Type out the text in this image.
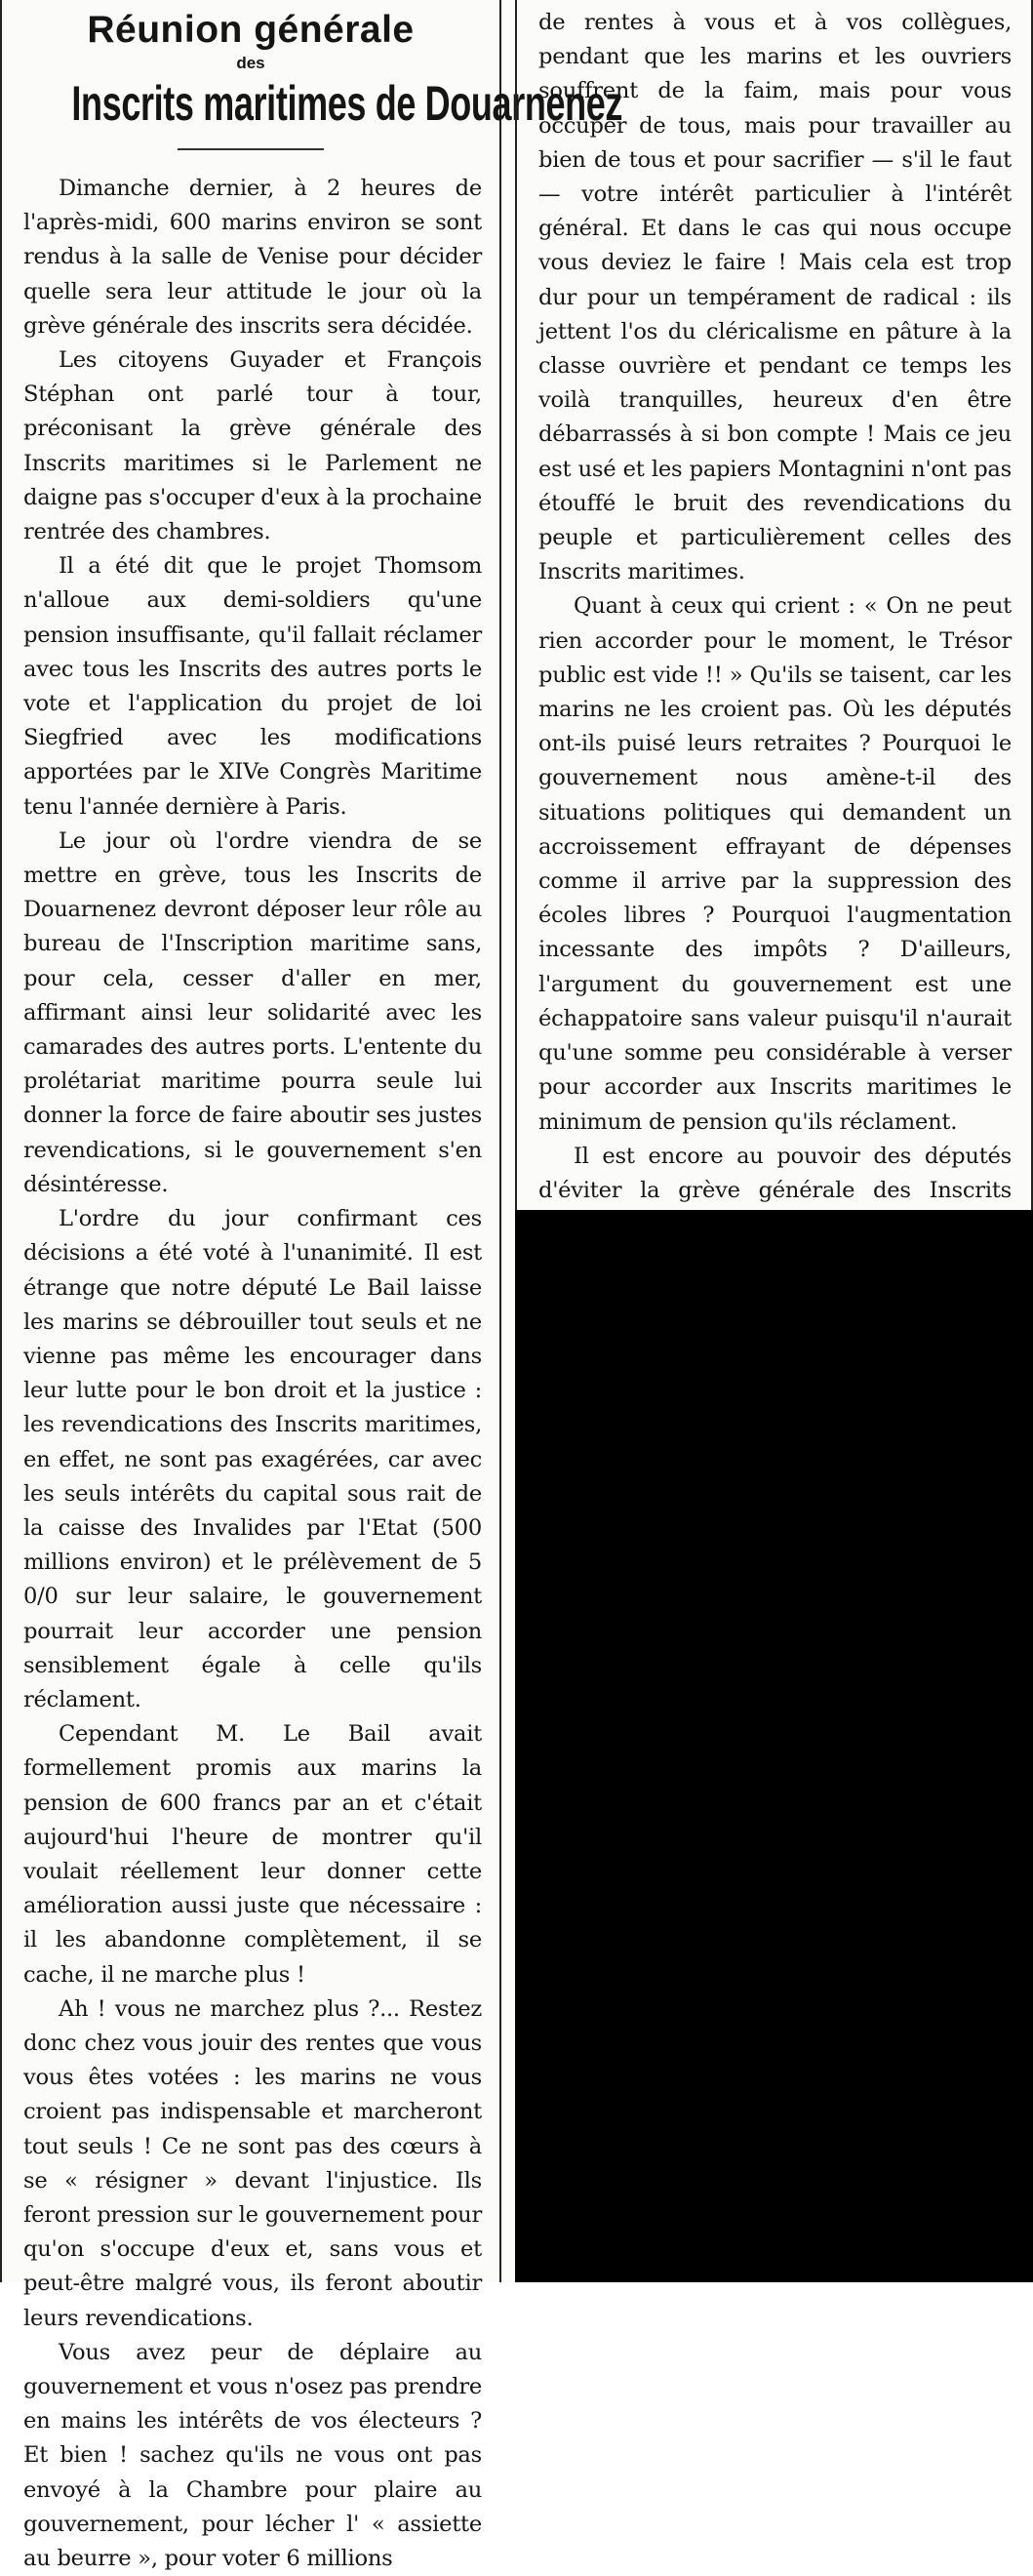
Réunion générale
des
Inscrits maritimes de Douarnenez

Dimanche dernier, à 2 heures de l'après-midi, 600 marins environ se sont rendus à la salle de Venise pour décider quelle sera leur attitude le jour où la grève générale des inscrits sera décidée.

Les citoyens Guyader et François Stéphan ont parlé tour à tour, préconisant la grève générale des Inscrits maritimes si le Parlement ne daigne pas s'occuper d'eux à la prochaine rentrée des chambres.

Il a été dit que le projet Thomsom n'alloue aux demi-soldiers qu'une pension insuffisante, qu'il fallait réclamer avec tous les Inscrits des autres ports le vote et l'application du projet de loi Siegfried avec les modifications apportées par le XIVe Congrès Maritime tenu l'année dernière à Paris.

Le jour où l'ordre viendra de se mettre en grève, tous les Inscrits de Douarnenez devront déposer leur rôle au bureau de l'Inscription maritime sans, pour cela, cesser d'aller en mer, affirmant ainsi leur solidarité avec les camarades des autres ports. L'entente du prolétariat maritime pourra seule lui donner la force de faire aboutir ses justes revendications, si le gouvernement s'en désintéresse.

L'ordre du jour confirmant ces décisions a été voté à l'unanimité. Il est étrange que notre député Le Bail laisse les marins se débrouiller tout seuls et ne vienne pas même les encourager dans leur lutte pour le bon droit et la justice : les revendications des Inscrits maritimes, en effet, ne sont pas exagérées, car avec les seuls intérêts du capital sous rait de la caisse des Invalides par l'Etat (500 millions environ) et le prélèvement de 5 0/0 sur leur salaire, le gouvernement pourrait leur accorder une pension sensiblement égale à celle qu'ils réclament.

Cependant M. Le Bail avait formellement promis aux marins la pension de 600 francs par an et c'était aujourd'hui l'heure de montrer qu'il voulait réellement leur donner cette amélioration aussi juste que nécessaire : il les abandonne complètement, il se cache, il ne marche plus !

Ah ! vous ne marchez plus ?... Restez donc chez vous jouir des rentes que vous vous êtes votées : les marins ne vous croient pas indispensable et marcheront tout seuls ! Ce ne sont pas des cœurs à se « résigner » devant l'injustice. Ils feront pression sur le gouvernement pour qu'on s'occupe d'eux et, sans vous et peut-être malgré vous, ils feront aboutir leurs revendications.

Vous avez peur de déplaire au gouvernement et vous n'osez pas prendre en mains les intérêts de vos électeurs ? Et bien ! sachez qu'ils ne vous ont pas envoyé à la Chambre pour plaire au gouvernement, pour lécher l' « assiette au beurre », pour voter 6 millions

de rentes à vous et à vos collègues, pendant que les marins et les ouvriers souffrent de la faim, mais pour vous occuper de tous, mais pour travailler au bien de tous et pour sacrifier — s'il le faut — votre intérêt particulier à l'intérêt général. Et dans le cas qui nous occupe vous deviez le faire ! Mais cela est trop dur pour un tempérament de radical : ils jettent l'os du cléricalisme en pâture à la classe ouvrière et pendant ce temps les voilà tranquilles, heureux d'en être débarrassés à si bon compte ! Mais ce jeu est usé et les papiers Montagnini n'ont pas étouffé le bruit des revendications du peuple et particulièrement celles des Inscrits maritimes.

Quant à ceux qui crient : « On ne peut rien accorder pour le moment, le Trésor public est vide !! » Qu'ils se taisent, car les marins ne les croient pas. Où les députés ont-ils puisé leurs retraites ? Pourquoi le gouvernement nous amène-t-il des situations politiques qui demandent un accroissement effrayant de dépenses comme il arrive par la suppression des écoles libres ? Pourquoi l'augmentation incessante des impôts ? D'ailleurs, l'argument du gouvernement est une échappatoire sans valeur puisqu'il n'aurait qu'une somme peu considérable à verser pour accorder aux Inscrits maritimes le minimum de pension qu'ils réclament.

Il est encore au pouvoir des députés d'éviter la grève générale des Inscrits
